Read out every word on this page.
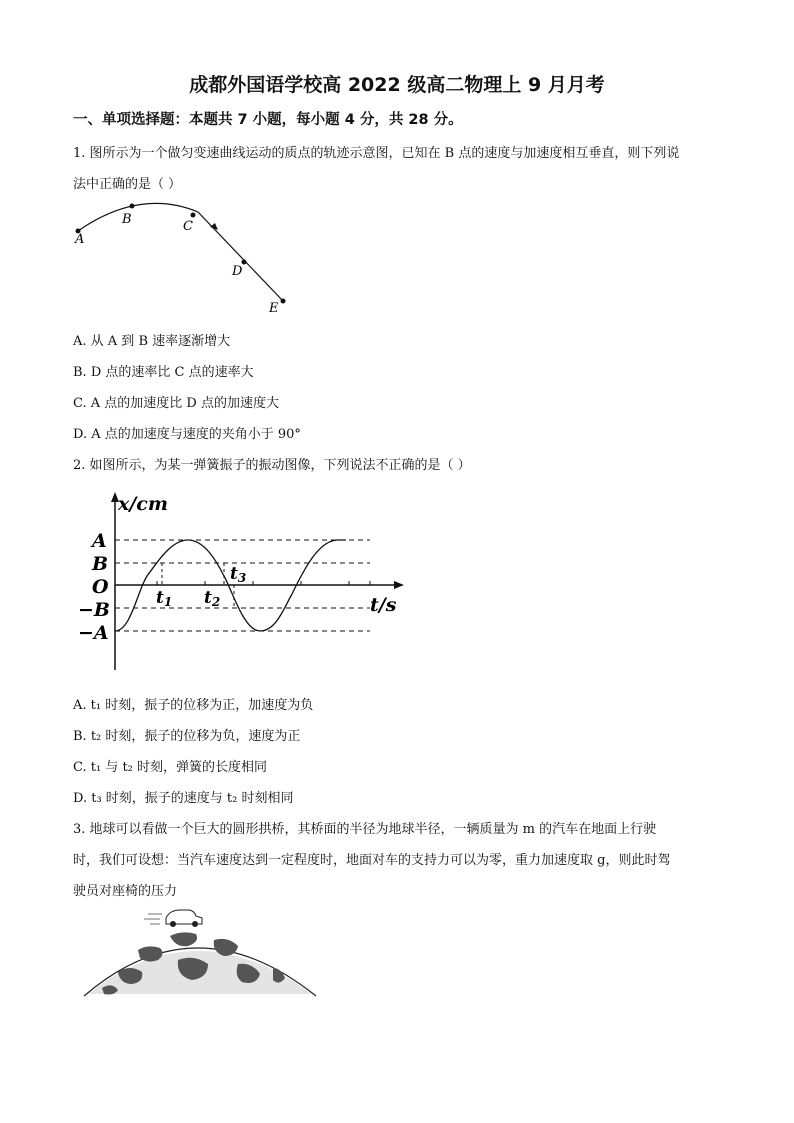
成都外国语学校高 2022 级高二物理上 9 月月考
一、单项选择题：本题共 7 小题，每小题 4 分，共 28 分。
1. 图所示为一个做匀变速曲线运动的质点的轨迹示意图，已知在 B 点的速度与加速度相互垂直，则下列说
法中正确的是（ ）
A
B	C
D
E
A. 从 A 到 B 速率逐渐增大
B. D 点的速率比 C 点的速率大
C. A 点的加速度比 D 点的加速度大
D. A 点的加速度与速度的夹角小于 90°
2. 如图所示，为某一弹簧振子的振动图像，下列说法不正确的是（ ）
x/cm
A
B
O
−B
−A
t1 t2
t3
t/s
A. t₁ 时刻，振子的位移为正，加速度为负
B. t₂ 时刻，振子的位移为负，速度为正
C. t₁ 与 t₂ 时刻，弹簧的长度相同
D. t₃ 时刻，振子的速度与 t₂ 时刻相同
3. 地球可以看做一个巨大的圆形拱桥，其桥面的半径为地球半径，一辆质量为 m 的汽车在地面上行驶
时，我们可设想：当汽车速度达到一定程度时，地面对车的支持力可以为零，重力加速度取 g，则此时驾
驶员对座椅的压力
